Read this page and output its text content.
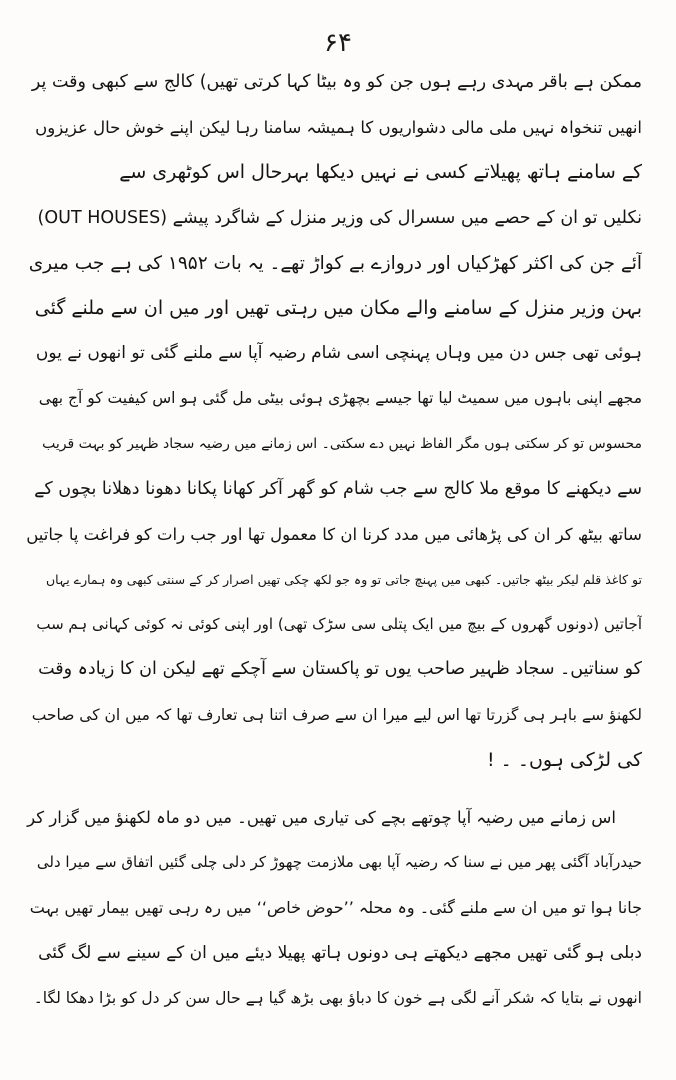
۶۴
ممکن ہے باقر مہدی رہے ہوں جن کو وہ بیٹا کہا کرتی تھیں) کالج سے کبھی وقت پر
انھیں تنخواہ نہیں ملی مالی دشواریوں کا ہمیشہ سامنا رہا لیکن اپنے خوش حال عزیزوں
کے سامنے ہاتھ پھیلاتے کسی نے نہیں دیکھا بہرحال اس کوٹھری سے
نکلیں تو ان کے حصے میں سسرال کی وزیر منزل کے شاگرد پیشے (OUT HOUSES)
آئے جن کی اکثر کھڑکیاں اور دروازے بے کواڑ تھے۔ یہ بات ۱۹۵۲ کی ہے جب میری
بہن وزیر منزل کے سامنے والے مکان میں رہتی تھیں اور میں ان سے ملنے گئی
ہوئی تھی جس دن میں وہاں پہنچی اسی شام رضیہ آپا سے ملنے گئی تو انھوں نے یوں
مجھے اپنی باہوں میں سمیٹ لیا تھا جیسے بچھڑی ہوئی بیٹی مل گئی ہو اس کیفیت کو آج بھی
محسوس تو کر سکتی ہوں مگر الفاظ نہیں دے سکتی۔ اس زمانے میں رضیہ سجاد ظہیر کو بہت قریب
سے دیکھنے کا موقع ملا کالج سے جب شام کو گھر آکر کھانا پکانا دھونا دھلانا بچوں کے
ساتھ بیٹھ کر ان کی پڑھائی میں مدد کرنا ان کا معمول تھا اور جب رات کو فراغت پا جاتیں
تو کاغذ قلم لیکر بیٹھ جاتیں۔ کبھی میں پہنچ جاتی تو وہ جو لکھ چکی تھیں اصرار کر کے سنتی کبھی وہ ہمارے یہاں
آجاتیں (دونوں گھروں کے بیچ میں ایک پتلی سی سڑک تھی) اور اپنی کوئی نہ کوئی کہانی ہم سب
کو سناتیں۔ سجاد ظہیر صاحب یوں تو پاکستان سے آچکے تھے لیکن ان کا زیادہ وقت
لکھنؤ سے باہر ہی گزرتا تھا اس لیے میرا ان سے صرف اتنا ہی تعارف تھا کہ میں ان کی صاحب
کی لڑکی ہوں۔ ۔ !
اس زمانے میں رضیہ آپا چوتھے بچے کی تیاری میں تھیں۔ میں دو ماہ لکھنؤ میں گزار کر
حیدرآباد آگئی پھر میں نے سنا کہ رضیہ آپا بھی ملازمت چھوڑ کر دلی چلی گئیں اتفاق سے میرا دلی
جانا ہوا تو میں ان سے ملنے گئی۔ وہ محلہ ’’حوض خاص‘‘ میں رہ رہی تھیں بیمار تھیں بہت
دبلی ہو گئی تھیں مجھے دیکھتے ہی دونوں ہاتھ پھیلا دیئے میں ان کے سینے سے لگ گئی
انھوں نے بتایا کہ شکر آنے لگی ہے خون کا دباؤ بھی بڑھ گیا ہے حال سن کر دل کو بڑا دھکا لگا۔
